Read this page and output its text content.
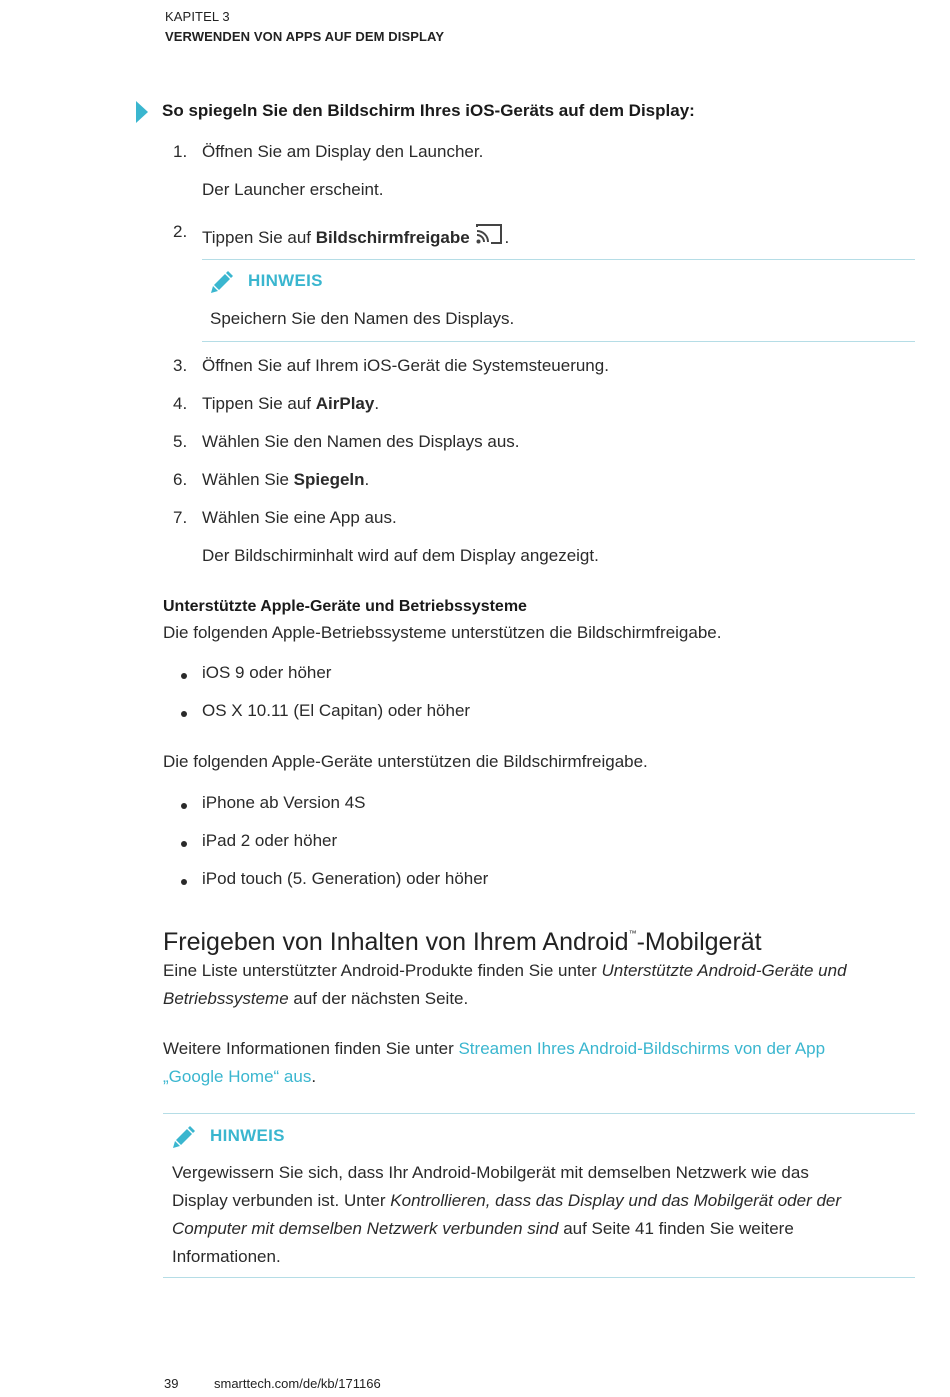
KAPITEL 3
VERWENDEN VON APPS AUF DEM DISPLAY
So spiegeln Sie den Bildschirm Ihres iOS-Geräts auf dem Display:
1. Öffnen Sie am Display den Launcher.
Der Launcher erscheint.
2. Tippen Sie auf Bildschirmfreigabe .
HINWEIS
Speichern Sie den Namen des Displays.
3. Öffnen Sie auf Ihrem iOS-Gerät die Systemsteuerung.
4. Tippen Sie auf AirPlay.
5. Wählen Sie den Namen des Displays aus.
6. Wählen Sie Spiegeln.
7. Wählen Sie eine App aus.
Der Bildschirminhalt wird auf dem Display angezeigt.
Unterstützte Apple-Geräte und Betriebssysteme
Die folgenden Apple-Betriebssysteme unterstützen die Bildschirmfreigabe.
iOS 9 oder höher
OS X 10.11 (El Capitan) oder höher
Die folgenden Apple-Geräte unterstützen die Bildschirmfreigabe.
iPhone ab Version 4S
iPad 2 oder höher
iPod touch (5. Generation) oder höher
Freigeben von Inhalten von Ihrem Android™-Mobilgerät
Eine Liste unterstützter Android-Produkte finden Sie unter Unterstützte Android-Geräte und
Betriebssysteme auf der nächsten Seite.
Weitere Informationen finden Sie unter Streamen Ihres Android-Bildschirms von der App
„Google Home“ aus.
HINWEIS
Vergewissern Sie sich, dass Ihr Android-Mobilgerät mit demselben Netzwerk wie das
Display verbunden ist. Unter Kontrollieren, dass das Display und das Mobilgerät oder der
Computer mit demselben Netzwerk verbunden sind auf Seite 41 finden Sie weitere
Informationen.
39	smarttech.com/de/kb/171166
